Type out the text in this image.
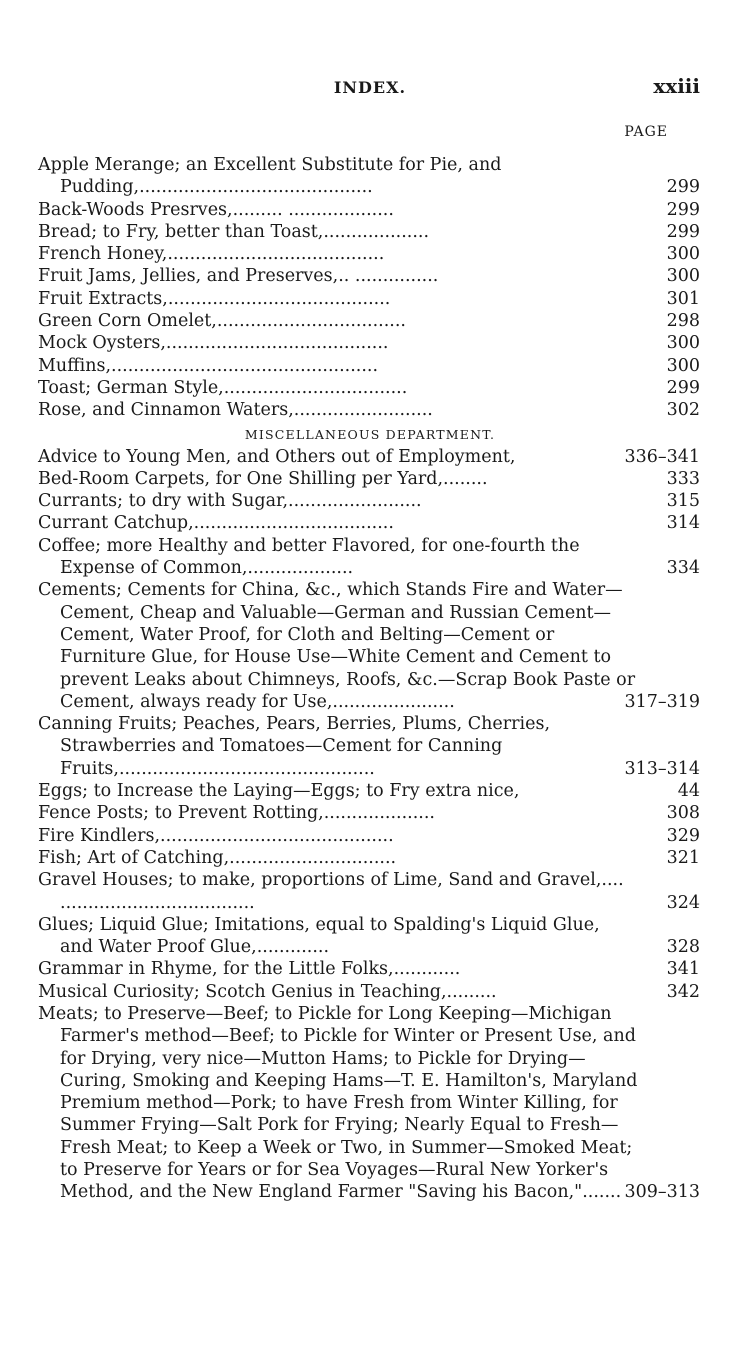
INDEX.	xxiii
PAGE
Apple Merange; an Excellent Substitute for Pie, and Pudding,..........................................	299
Back-Woods Presrves,......... ...................	299
Bread; to Fry, better than Toast,...................	299
French Honey,.......................................	300
Fruit Jams, Jellies, and Preserves,.. ...............	300
Fruit Extracts,........................................	301
Green Corn Omelet,..................................	298
Mock Oysters,........................................	300
Muffins,................................................	300
Toast; German Style,.................................	299
Rose, and Cinnamon Waters,.........................	302
MISCELLANEOUS DEPARTMENT.
Advice to Young Men, and Others out of Employment,	336–341
Bed-Room Carpets, for One Shilling per Yard,........	333
Currants; to dry with Sugar,........................	315
Currant Catchup,....................................	314
Coffee; more Healthy and better Flavored, for one-fourth the Expense of Common,...................	334
Cements; Cements for China, &c., which Stands Fire and Water—Cement, Cheap and Valuable—German and Russian Cement—Cement, Water Proof, for Cloth and Belting—Cement or Furniture Glue, for House Use—White Cement and Cement to prevent Leaks about Chimneys, Roofs, &c.—Scrap Book Paste or Cement, always ready for Use,......................	317–319
Canning Fruits; Peaches, Pears, Berries, Plums, Cherries, Strawberries and Tomatoes—Cement for Canning Fruits,..............................................	313–314
Eggs; to Increase the Laying—Eggs; to Fry extra nice,	44
Fence Posts; to Prevent Rotting,....................	308
Fire Kindlers,..........................................	329
Fish; Art of Catching,..............................	321
Gravel Houses; to make, proportions of Lime, Sand and Gravel,.... ...................................	324
Glues; Liquid Glue; Imitations, equal to Spalding's Liquid Glue, and Water Proof Glue,.............	328
Grammar in Rhyme, for the Little Folks,............	341
Musical Curiosity; Scotch Genius in Teaching,.........	342
Meats; to Preserve—Beef; to Pickle for Long Keeping—Michigan Farmer's method—Beef; to Pickle for Winter or Present Use, and for Drying, very nice—Mutton Hams; to Pickle for Drying—Curing, Smoking and Keeping Hams—T. E. Hamilton's, Maryland Premium method—Pork; to have Fresh from Winter Killing, for Summer Frying—Salt Pork for Frying; Nearly Equal to Fresh—Fresh Meat; to Keep a Week or Two, in Summer—Smoked Meat; to Preserve for Years or for Sea Voyages—Rural New Yorker's Method, and the New England Farmer "Saving his Bacon,"....... 309–313
